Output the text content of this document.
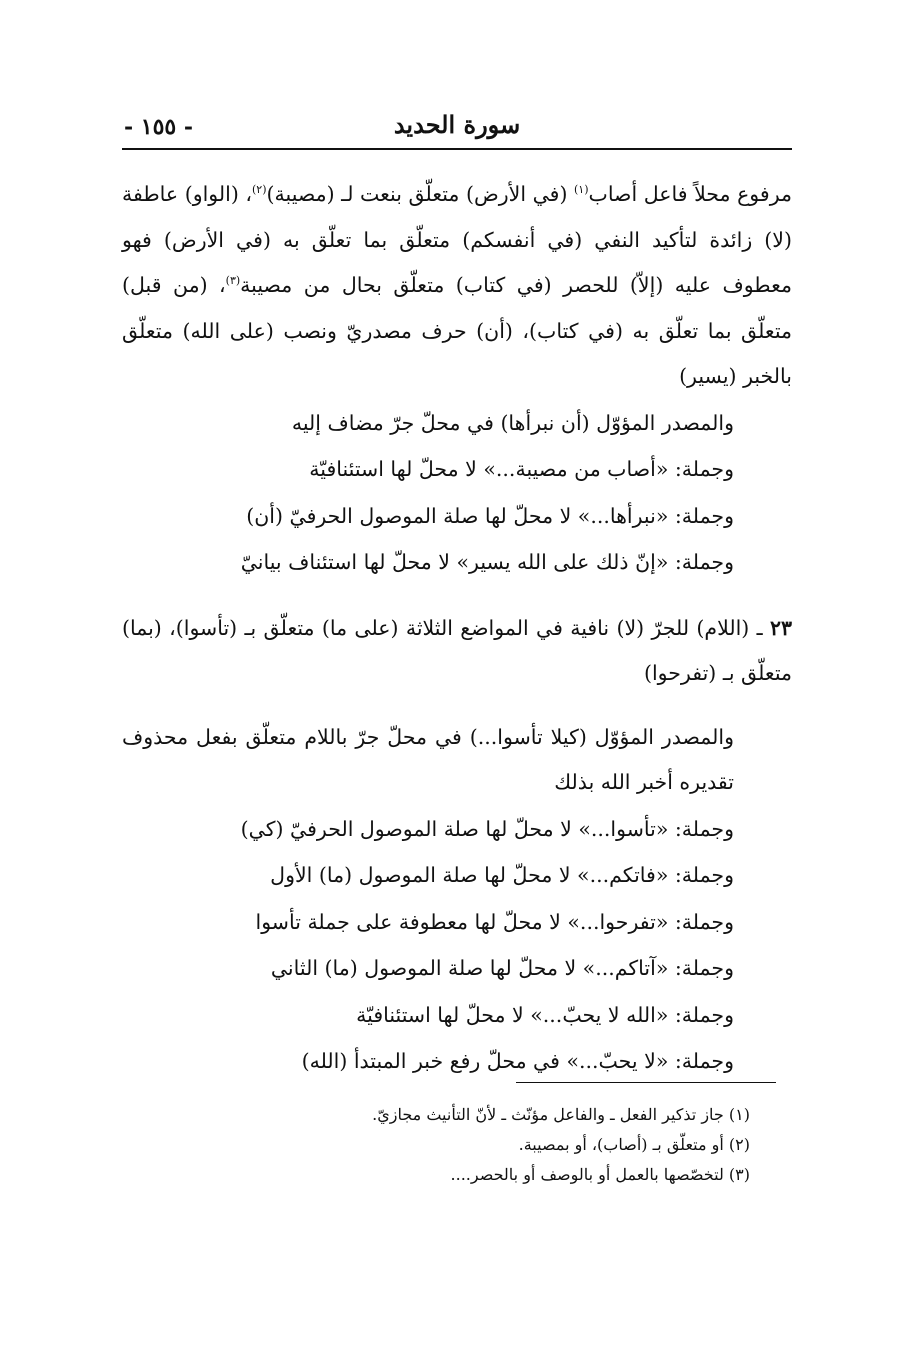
سورة الحديد
- ١٥٥ -

مرفوع محلاً فاعل أصاب$^{(١)}$ (في الأرض) متعلّق بنعت لـ (مصيبة)$^{(٢)}$، (الواو) عاطفة (لا) زائدة لتأكيد النفي (في أنفسكم) متعلّق بما تعلّق به (في الأرض) فهو معطوف عليه (إلاّ) للحصر (في كتاب) متعلّق بحال من مصيبة$^{(٣)}$، (من قبل) متعلّق بما تعلّق به (في كتاب)، (أن) حرف مصدريّ ونصب (على الله) متعلّق بالخبر (يسير)

والمصدر المؤوّل (أن نبرأها) في محلّ جرّ مضاف إليه
وجملة: «أصاب من مصيبة...» لا محلّ لها استئنافيّة
وجملة: «نبرأها...» لا محلّ لها صلة الموصول الحرفيّ (أن)
وجملة: «إنّ ذلك على الله يسير» لا محلّ لها استئناف بيانيّ

٢٣ ـ (اللام) للجرّ (لا) نافية في المواضع الثلاثة (على ما) متعلّق بـ (تأسوا)، (بما) متعلّق بـ (تفرحوا)

والمصدر المؤوّل (كيلا تأسوا...) في محلّ جرّ باللام متعلّق بفعل محذوف تقديره أخبر الله بذلك

وجملة: «تأسوا...» لا محلّ لها صلة الموصول الحرفيّ (كي)
وجملة: «فاتكم...» لا محلّ لها صلة الموصول (ما) الأول
وجملة: «تفرحوا...» لا محلّ لها معطوفة على جملة تأسوا
وجملة: «آتاكم...» لا محلّ لها صلة الموصول (ما) الثاني
وجملة: «الله لا يحبّ...» لا محلّ لها استئنافيّة
وجملة: «لا يحبّ...» في محلّ رفع خبر المبتدأ (الله)
(١) جاز تذكير الفعل ـ والفاعل مؤنّث ـ لأنّ التأنيث مجازيّ.
(٢) أو متعلّق بـ (أصاب)، أو بمصيبة.
(٣) لتخصّصها بالعمل أو بالوصف أو بالحصر....
